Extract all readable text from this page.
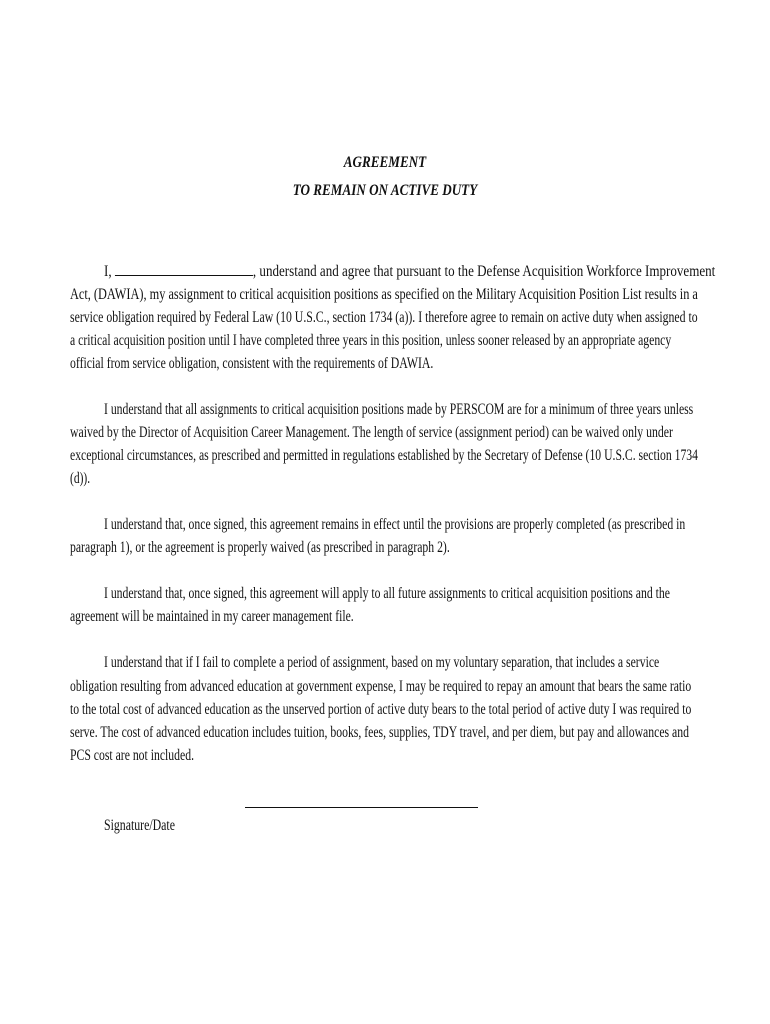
AGREEMENT
TO REMAIN ON ACTIVE DUTY
I,	, understand and agree that pursuant to the Defense Acquisition Workforce Improvement
Act, (DAWIA), my assignment to critical acquisition positions as specified on the Military Acquisition Position List results in a
service obligation required by Federal Law (10 U.S.C., section 1734 (a)). I therefore agree to remain on active duty when assigned to
a critical acquisition position until I have completed three years in this position, unless sooner released by an appropriate agency
official from service obligation, consistent with the requirements of DAWIA.
I understand that all assignments to critical acquisition positions made by PERSCOM are for a minimum of three years unless
waived by the Director of Acquisition Career Management. The length of service (assignment period) can be waived only under
exceptional circumstances, as prescribed and permitted in regulations established by the Secretary of Defense (10 U.S.C. section 1734
(d)).
I understand that, once signed, this agreement remains in effect until the provisions are properly completed (as prescribed in
paragraph 1), or the agreement is properly waived (as prescribed in paragraph 2).
I understand that, once signed, this agreement will apply to all future assignments to critical acquisition positions and the
agreement will be maintained in my career management file.
I understand that if I fail to complete a period of assignment, based on my voluntary separation, that includes a service
obligation resulting from advanced education at government expense, I may be required to repay an amount that bears the same ratio
to the total cost of advanced education as the unserved portion of active duty bears to the total period of active duty I was required to
serve. The cost of advanced education includes tuition, books, fees, supplies, TDY travel, and per diem, but pay and allowances and
PCS cost are not included.
Signature/Date
